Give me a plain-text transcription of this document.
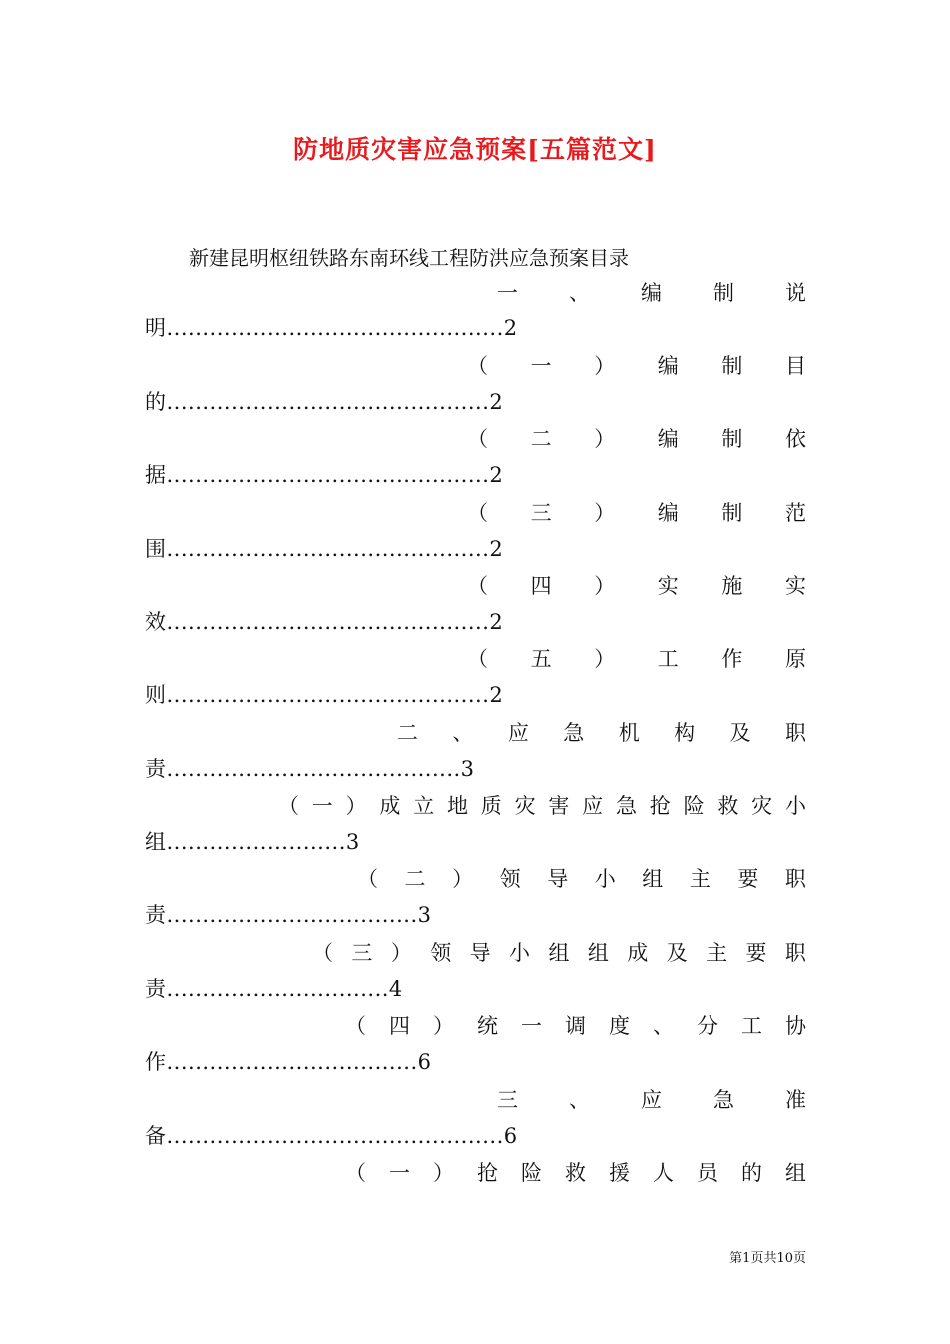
防地质灾害应急预案[五篇范文]
新建昆明枢纽铁路东南环线工程防洪应急预案目录
一 、 编 制 说
明...............................................2
（ 一 ） 编 制 目
的.............................................2
（ 二 ） 编 制 依
据.............................................2
（ 三 ） 编 制 范
围.............................................2
（ 四 ） 实 施 实
效.............................................2
（ 五 ） 工 作 原
则.............................................2
二 、 应 急 机 构 及 职
责.........................................3
（ 一 ） 成 立 地 质 灾 害 应 急 抢 险 救 灾 小
组.........................3
（ 二 ） 领 导 小 组 主 要 职
责...................................3
（ 三 ） 领 导 小 组 组 成 及 主 要 职
责...............................4
（ 四 ） 统 一 调 度 、 分 工 协
作...................................6
三 、 应 急 准
备...............................................6
（ 一 ） 抢 险 救 援 人 员 的 组
第1页共10页
